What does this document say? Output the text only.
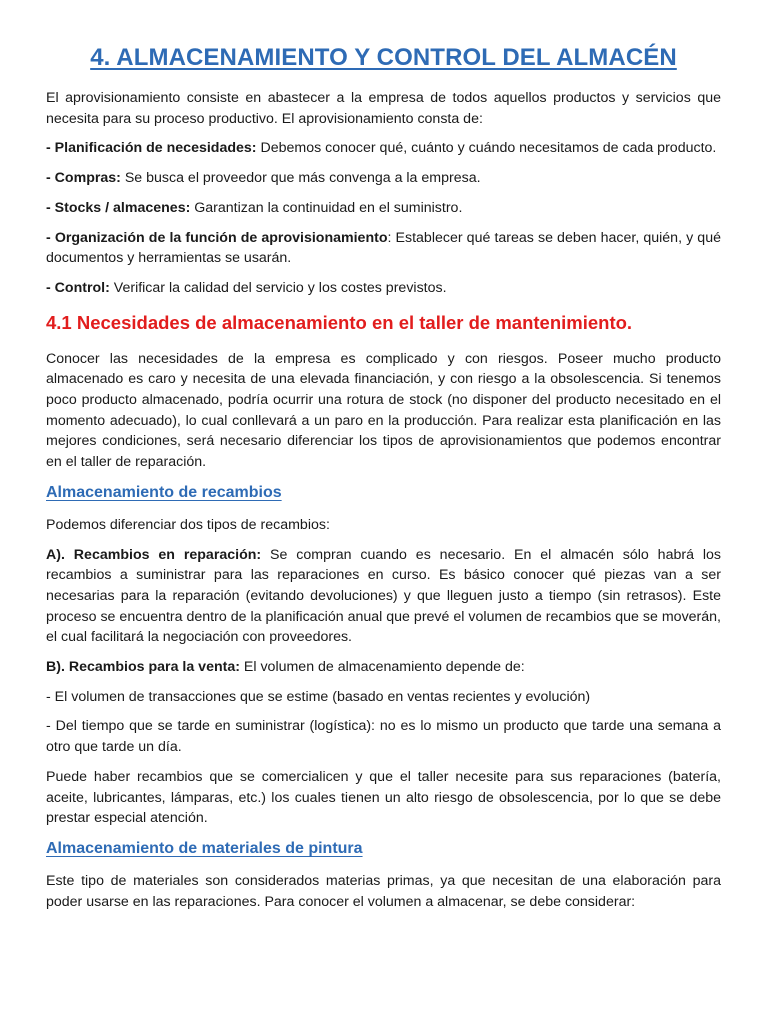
4. ALMACENAMIENTO Y CONTROL DEL ALMACÉN

El aprovisionamiento consiste en abastecer a la empresa de todos aquellos productos y servicios que necesita para su proceso productivo. El aprovisionamiento consta de:

- Planificación de necesidades: Debemos conocer qué, cuánto y cuándo necesitamos de cada producto.

- Compras: Se busca el proveedor que más convenga a la empresa.

- Stocks / almacenes: Garantizan la continuidad en el suministro.

- Organización de la función de aprovisionamiento: Establecer qué tareas se deben hacer, quién, y qué documentos y herramientas se usarán.

- Control: Verificar la calidad del servicio y los costes previstos.

4.1 Necesidades de almacenamiento en el taller de mantenimiento.

Conocer las necesidades de la empresa es complicado y con riesgos. Poseer mucho producto almacenado es caro y necesita de una elevada financiación, y con riesgo a la obsolescencia. Si tenemos poco producto almacenado, podría ocurrir una rotura de stock (no disponer del producto necesitado en el momento adecuado), lo cual conllevará a un paro en la producción. Para realizar esta planificación en las mejores condiciones, será necesario diferenciar los tipos de aprovisionamientos que podemos encontrar en el taller de reparación.

Almacenamiento de recambios

Podemos diferenciar dos tipos de recambios:

A). Recambios en reparación: Se compran cuando es necesario. En el almacén sólo habrá los recambios a suministrar para las reparaciones en curso. Es básico conocer qué piezas van a ser necesarias para la reparación (evitando devoluciones) y que lleguen justo a tiempo (sin retrasos). Este proceso se encuentra dentro de la planificación anual que prevé el volumen de recambios que se moverán, el cual facilitará la negociación con proveedores.

B). Recambios para la venta: El volumen de almacenamiento depende de:

- El volumen de transacciones que se estime (basado en ventas recientes y evolución)

- Del tiempo que se tarde en suministrar (logística): no es lo mismo un producto que tarde una semana a otro que tarde un día.

Puede haber recambios que se comercialicen y que el taller necesite para sus reparaciones (batería, aceite, lubricantes, lámparas, etc.) los cuales tienen un alto riesgo de obsolescencia, por lo que se debe prestar especial atención.

Almacenamiento de materiales de pintura

Este tipo de materiales son considerados materias primas, ya que necesitan de una elaboración para poder usarse en las reparaciones. Para conocer el volumen a almacenar, se debe considerar:
